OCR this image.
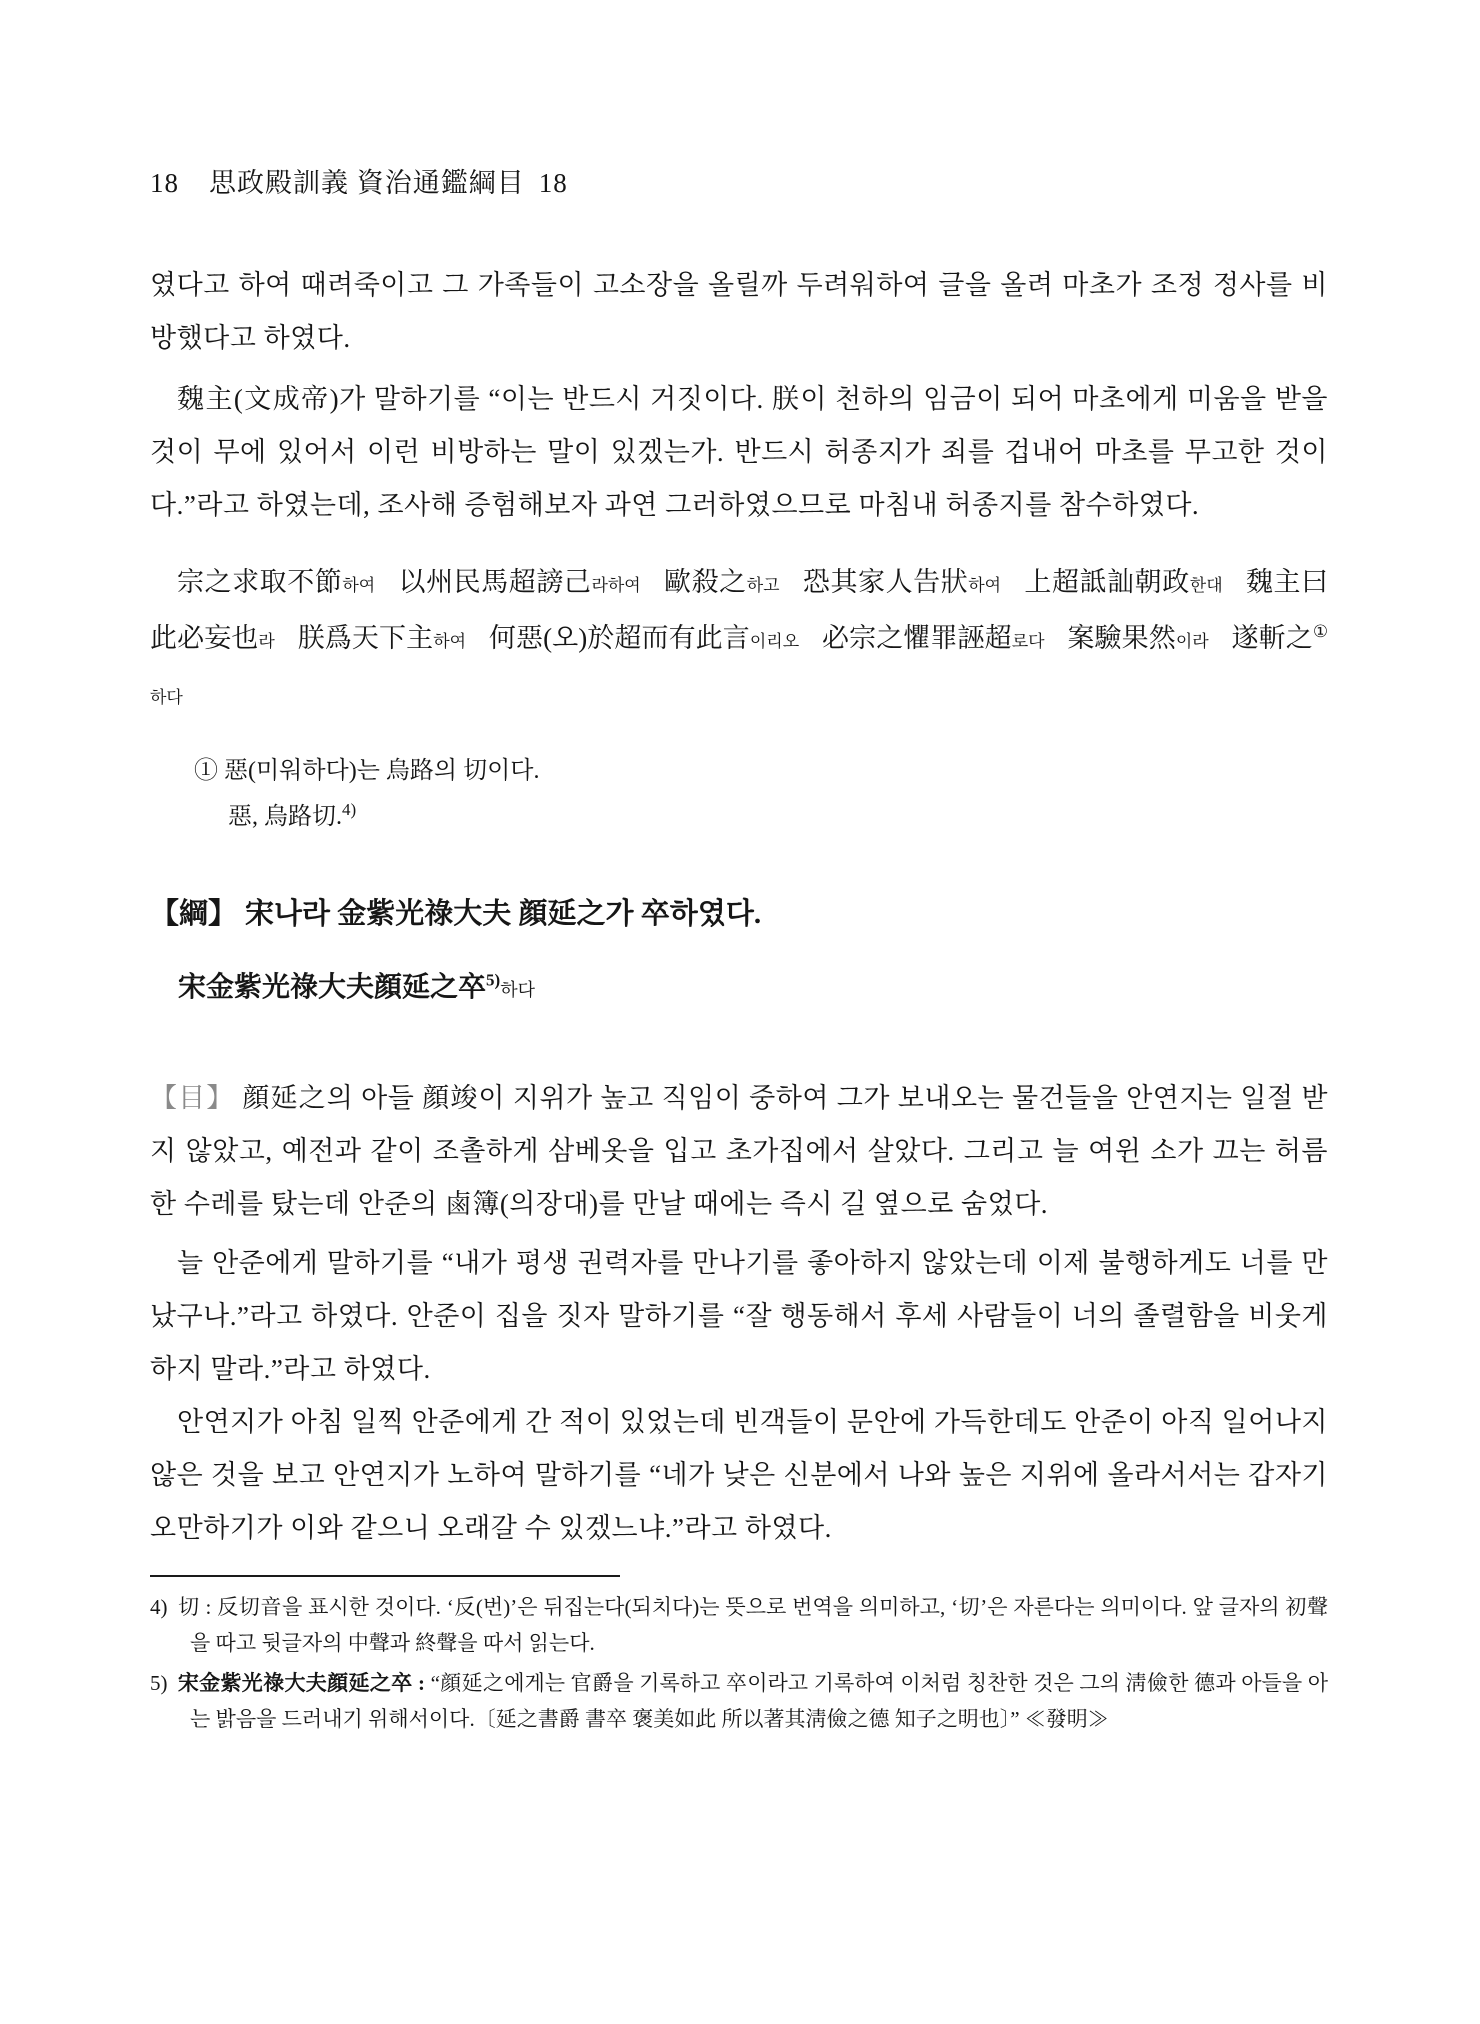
18 思政殿訓義 資治通鑑綱目 18

였다고 하여 때려죽이고 그 가족들이 고소장을 올릴까 두려워하여 글을 올려 마초가 조정 정사를 비방했다고 하였다.

魏主(文成帝)가 말하기를 “이는 반드시 거짓이다. 朕이 천하의 임금이 되어 마초에게 미움을 받을 것이 무에 있어서 이런 비방하는 말이 있겠는가. 반드시 허종지가 죄를 겁내어 마초를 무고한 것이다.”라고 하였는데, 조사해 증험해보자 과연 그러하였으므로 마침내 허종지를 참수하였다.

宗之求取不節하여 以州民馬超謗己라하여 歐殺之하고 恐其家人告狀하여 上超詆訕朝政한대 魏主曰 此必妄也라 朕爲天下主하여 何惡(오)於超而有此言이리오 必宗之懼罪誣超로다 案驗果然이라 遂斬之①하다
① 惡(미워하다)는 烏路의 切이다.
惡, 烏路切.$^{4)}$
【綱】 宋나라 金紫光祿大夫 顔延之가 卒하였다.
宋金紫光祿大夫顔延之卒$^{5)}$하다

【目】 顔延之의 아들 顔竣이 지위가 높고 직임이 중하여 그가 보내오는 물건들을 안연지는 일절 받지 않았고, 예전과 같이 조촐하게 삼베옷을 입고 초가집에서 살았다. 그리고 늘 여윈 소가 끄는 허름한 수레를 탔는데 안준의 鹵簿(의장대)를 만날 때에는 즉시 길 옆으로 숨었다.

늘 안준에게 말하기를 “내가 평생 권력자를 만나기를 좋아하지 않았는데 이제 불행하게도 너를 만났구나.”라고 하였다. 안준이 집을 짓자 말하기를 “잘 행동해서 후세 사람들이 너의 졸렬함을 비웃게 하지 말라.”라고 하였다.

안연지가 아침 일찍 안준에게 간 적이 있었는데 빈객들이 문안에 가득한데도 안준이 아직 일어나지 않은 것을 보고 안연지가 노하여 말하기를 “네가 낮은 신분에서 나와 높은 지위에 올라서서는 갑자기 오만하기가 이와 같으니 오래갈 수 있겠느냐.”라고 하였다.

4) 切 : 反切音을 표시한 것이다. ‘反(번)’은 뒤집는다(되치다)는 뜻으로 번역을 의미하고, ‘切’은 자른다는 의미이다. 앞 글자의 初聲을 따고 뒷글자의 中聲과 終聲을 따서 읽는다.
5) 宋金紫光祿大夫顔延之卒 : “顔延之에게는 官爵을 기록하고 卒이라고 기록하여 이처럼 칭찬한 것은 그의 淸儉한 德과 아들을 아는 밝음을 드러내기 위해서이다.〔延之書爵 書卒 褒美如此 所以著其淸儉之德 知子之明也〕” ≪發明≫
